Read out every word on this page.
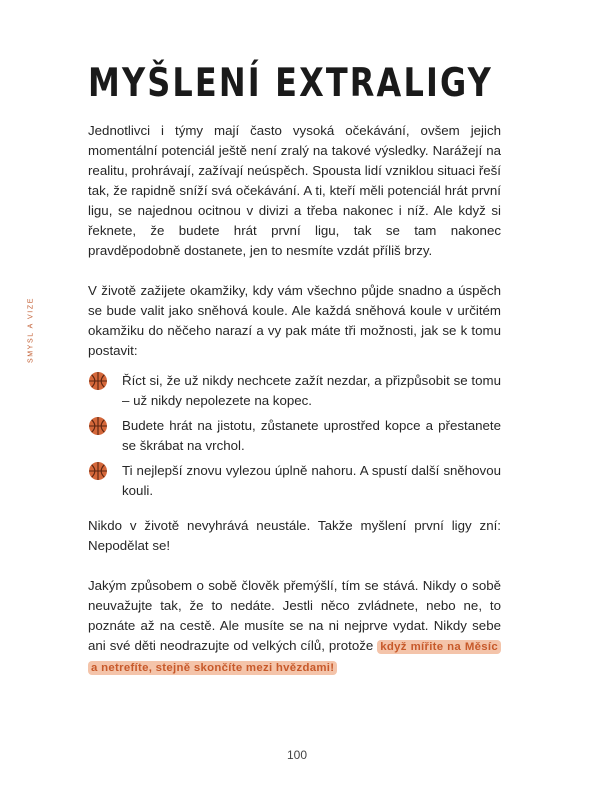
MYŠLENÍ EXTRALIGY
SMYSL A VIZE

Jednotlivci i týmy mají často vysoká očekávání, ovšem jejich momentální potenciál ještě není zralý na takové výsledky. Narážejí na realitu, prohrávají, zažívají neúspěch. Spousta lidí vzniklou situaci řeší tak, že rapidně sníží svá očekávání. A ti, kteří měli potenciál hrát první ligu, se najednou ocitnou v divizi a třeba nakonec i níž. Ale když si řeknete, že budete hrát první ligu, tak se tam nakonec pravděpodobně dostanete, jen to nesmíte vzdát příliš brzy.

V životě zažijete okamžiky, kdy vám všechno půjde snadno a úspěch se bude valit jako sněhová koule. Ale každá sněhová koule v určitém okamžiku do něčeho narazí a vy pak máte tři možnosti, jak se k tomu postavit:

Říct si, že už nikdy nechcete zažít nezdar, a přizpůsobit se tomu – už nikdy nepolezete na kopec.
Budete hrát na jistotu, zůstanete uprostřed kopce a přestanete se škrábat na vrchol.
Ti nejlepší znovu vylezou úplně nahoru. A spustí další sněhovou kouli.

Nikdo v životě nevyhrává neustále. Takže myšlení první ligy zní: Nepodělat se!

Jakým způsobem o sobě člověk přemýšlí, tím se stává. Nikdy o sobě neuvažujte tak, že to nedáte. Jestli něco zvládnete, nebo ne, to poznáte až na cestě. Ale musíte se na ni nejprve vydat. Nikdy sebe ani své děti neodrazujte od velkých cílů, protože když mířite na Měsíc a netrefíte, stejně skončíte mezi hvězdami!

100
